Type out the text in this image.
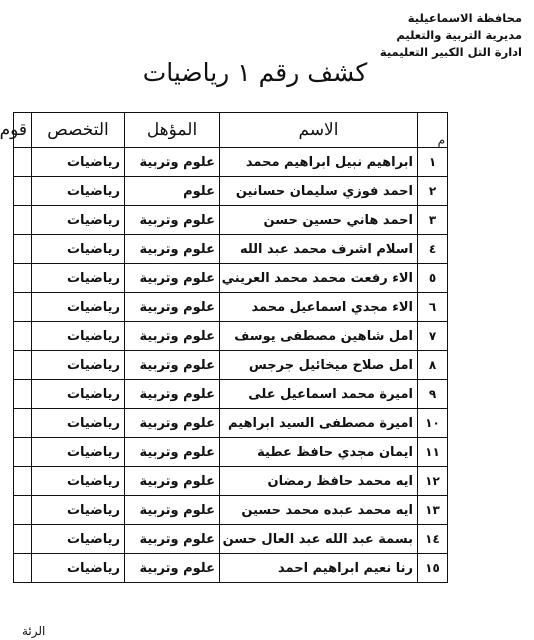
محافظة الاسماعيلية
مديرية التربية والتعليم
ادارة التل الكبير التعليمية
كشف رقم ١ رياضيات
م	الاسم	المؤهل	التخصص	قوم
١	ابراهيم نبيل ابراهيم محمد	علوم وتربية	رياضيات	
٢	احمد فوزي سليمان حسانين	علوم	رياضيات	
٣	احمد هاني حسين حسن	علوم وتربية	رياضيات	
٤	اسلام اشرف محمد عبد الله	علوم وتربية	رياضيات	
٥	الاء رفعت محمد محمد العريني	علوم وتربية	رياضيات	
٦	الاء مجدي اسماعيل محمد	علوم وتربية	رياضيات	
٧	امل شاهين مصطفى يوسف	علوم وتربية	رياضيات	
٨	امل صلاح ميخائيل جرجس	علوم وتربية	رياضيات	
٩	اميرة محمد اسماعيل على	علوم وتربية	رياضيات	
١٠	اميرة مصطفى السيد ابراهيم	علوم وتربية	رياضيات	
١١	ايمان مجدي حافظ عطية	علوم وتربية	رياضيات	
١٢	ايه محمد حافظ رمضان	علوم وتربية	رياضيات	
١٣	ايه محمد عبده محمد حسين	علوم وتربية	رياضيات	
١٤	بسمة عبد الله عبد العال حسن	علوم وتربية	رياضيات	
١٥	رنا نعيم ابراهيم احمد	علوم وتربية	رياضيات	
الرئة
